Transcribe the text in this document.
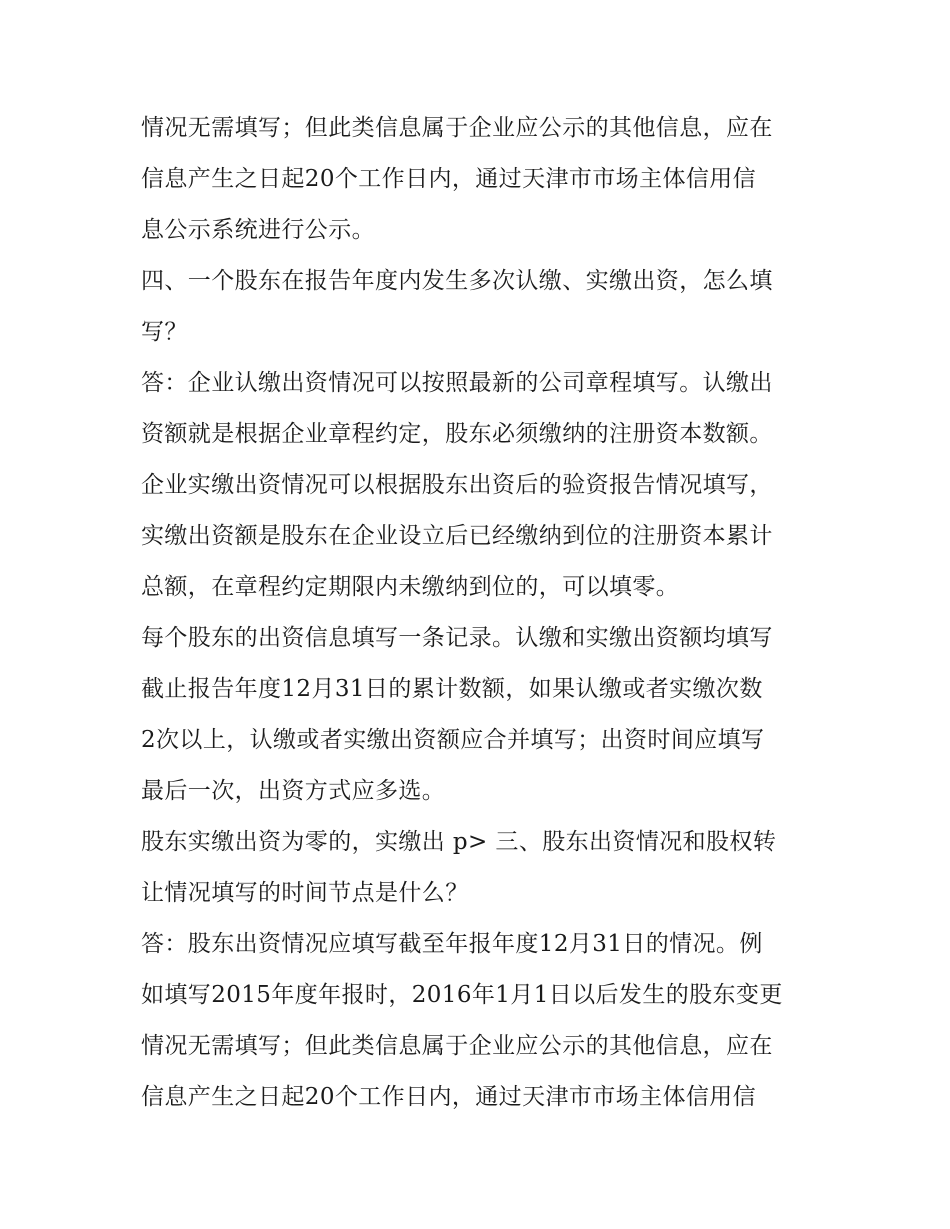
情况无需填写；但此类信息属于企业应公示的其他信息，应在
信息产生之日起20个工作日内，通过天津市市场主体信用信
息公示系统进行公示。
四、一个股东在报告年度内发生多次认缴、实缴出资，怎么填
写？
答：企业认缴出资情况可以按照最新的公司章程填写。认缴出
资额就是根据企业章程约定，股东必须缴纳的注册资本数额。
企业实缴出资情况可以根据股东出资后的验资报告情况填写，
实缴出资额是股东在企业设立后已经缴纳到位的注册资本累计
总额，在章程约定期限内未缴纳到位的，可以填零。
每个股东的出资信息填写一条记录。认缴和实缴出资额均填写
截止报告年度12月31日的累计数额，如果认缴或者实缴次数
2次以上，认缴或者实缴出资额应合并填写；出资时间应填写
最后一次，出资方式应多选。
股东实缴出资为零的，实缴出 p> 三、股东出资情况和股权转
让情况填写的时间节点是什么？
答：股东出资情况应填写截至年报年度12月31日的情况。例
如填写2015年度年报时，2016年1月1日以后发生的股东变更
情况无需填写；但此类信息属于企业应公示的其他信息，应在
信息产生之日起20个工作日内，通过天津市市场主体信用信
